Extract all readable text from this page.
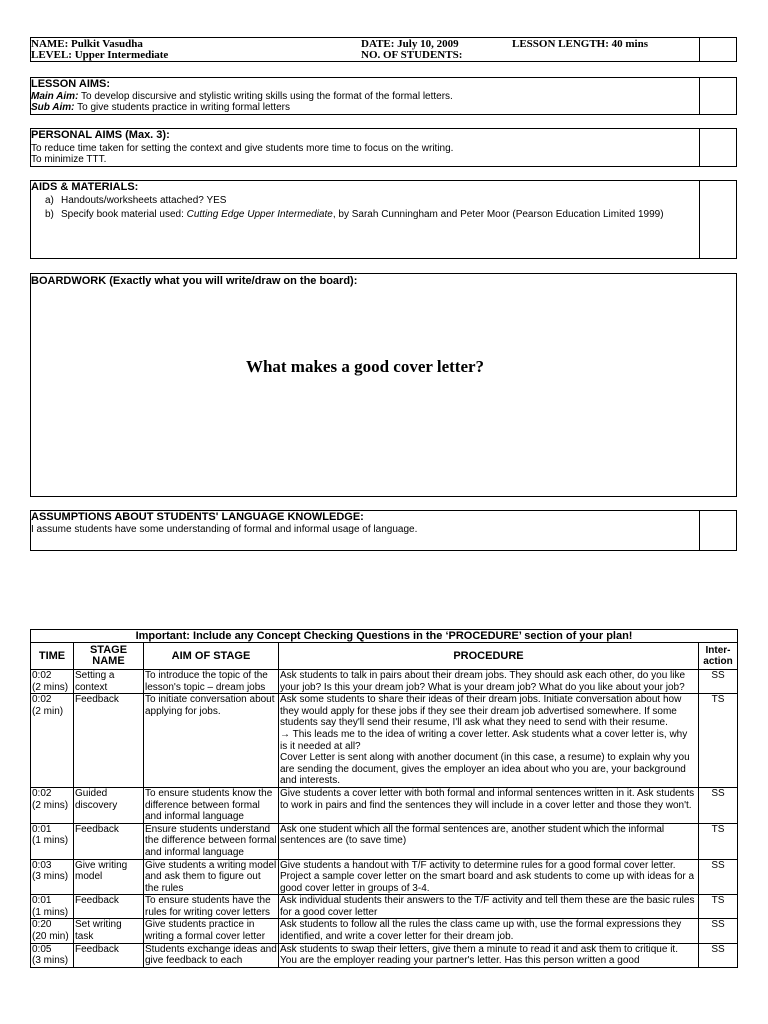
NAME: Pulkit Vasudha
LEVEL: Upper Intermediate
DATE: July 10, 2009
NO. OF STUDENTS:
LESSON LENGTH: 40 mins
LESSON AIMS:
Main Aim: To develop discursive and stylistic writing skills using the format of the formal letters.
Sub Aim: To give students practice in writing formal letters
PERSONAL AIMS (Max. 3):
To reduce time taken for setting the context and give students more time to focus on the writing.
To minimize TTT.
AIDS & MATERIALS:
a) Handouts/worksheets attached? YES
b) Specify book material used: Cutting Edge Upper Intermediate, by Sarah Cunningham and Peter Moor (Pearson Education Limited 1999)
BOARDWORK (Exactly what you will write/draw on the board):
What makes a good cover letter?
ASSUMPTIONS ABOUT STUDENTS' LANGUAGE KNOWLEDGE:
I assume students have some understanding of formal and informal usage of language.
Important: Include any Concept Checking Questions in the ‘PROCEDURE’ section of your plan!				
TIME	STAGE NAME	AIM OF STAGE	PROCEDURE	Inter-action
0:02
(2 mins)	Setting a context	To introduce the topic of the lesson's topic – dream jobs	Ask students to talk in pairs about their dream jobs. They should ask each other, do you like your job? Is this your dream job? What is your dream job? What do you like about your job?	SS
0:02
(2 min)	Feedback	To initiate conversation about applying for jobs.	Ask some students to share their ideas of their dream jobs. Initiate conversation about how they would apply for these jobs if they see their dream job advertised somewhere. If some students say they'll send their resume, I'll ask what they need to send with their resume.
→ This leads me to the idea of writing a cover letter. Ask students what a cover letter is, why is it needed at all?
Cover Letter is sent along with another document (in this case, a resume) to explain why you are sending the document, gives the employer an idea about who you are, your background and interests.	TS
0:02
(2 mins)	Guided discovery	To ensure students know the difference between formal and informal language	Give students a cover letter with both formal and informal sentences written in it. Ask students to work in pairs and find the sentences they will include in a cover letter and those they won't.	SS
0:01
(1 mins)	Feedback	Ensure students understand the difference between formal and informal language	Ask one student which all the formal sentences are, another student which the informal sentences are (to save time)	TS
0:03
(3 mins)	Give writing model	Give students a writing model and ask them to figure out the rules	Give students a handout with T/F activity to determine rules for a good formal cover letter. Project a sample cover letter on the smart board and ask students to come up with ideas for a good cover letter in groups of 3-4.	SS
0:01
(1 mins)	Feedback	To ensure students have the rules for writing cover letters	Ask individual students their answers to the T/F activity and tell them these are the basic rules for a good cover letter	TS
0:20
(20 min)	Set writing task	Give students practice in writing a formal cover letter	Ask students to follow all the rules the class came up with, use the formal expressions they identified, and write a cover letter for their dream job.	SS
0:05
(3 mins)	Feedback	Students exchange ideas and give feedback to each	Ask students to swap their letters, give them a minute to read it and ask them to critique it. You are the employer reading your partner's letter. Has this person written a good	SS
